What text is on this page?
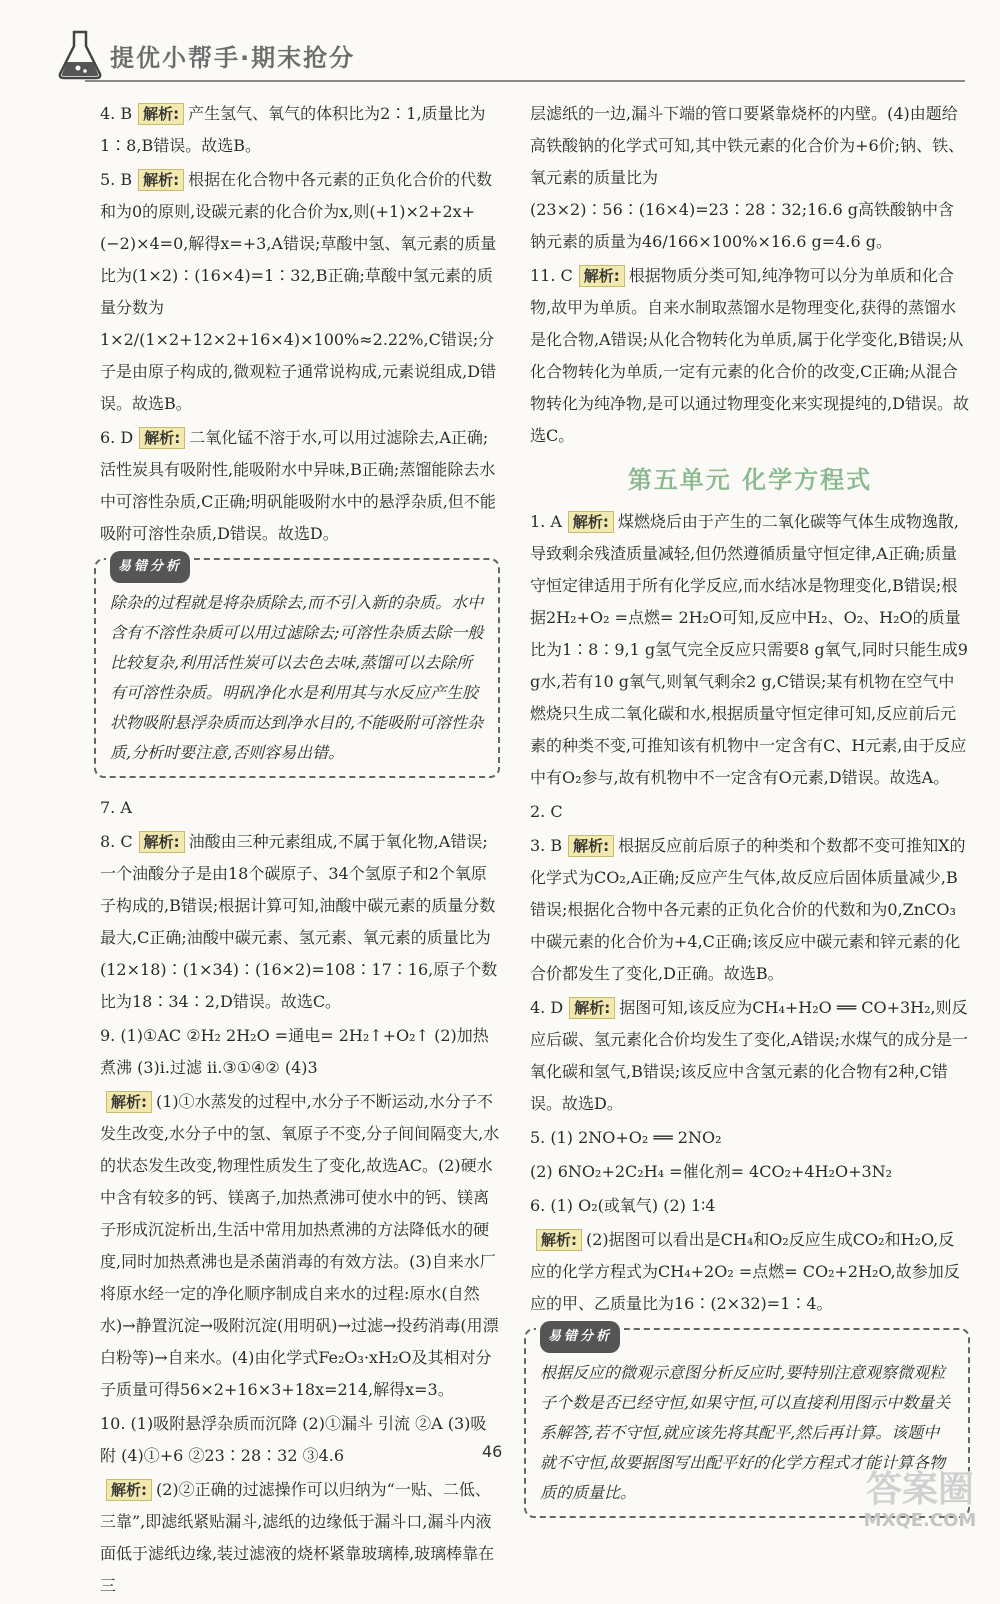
提优小帮手·期末抢分

4. B 解析: 产生氢气、氧气的体积比为2∶1,质量比为1∶8,B错误。故选B。

5. B 解析: 根据在化合物中各元素的正负化合价的代数和为0的原则,设碳元素的化合价为x,则(+1)×2+2x+(−2)×4=0,解得x=+3,A错误;草酸中氢、氧元素的质量比为(1×2)∶(16×4)=1∶32,B正确;草酸中氢元素的质量分数为1×2/(1×2+12×2+16×4)×100%≈2.22%,C错误;分子是由原子构成的,微观粒子通常说构成,元素说组成,D错误。故选B。

6. D 解析: 二氧化锰不溶于水,可以用过滤除去,A正确;活性炭具有吸附性,能吸附水中异味,B正确;蒸馏能除去水中可溶性杂质,C正确;明矾能吸附水中的悬浮杂质,但不能吸附可溶性杂质,D错误。故选D。

易错分析
除杂的过程就是将杂质除去,而不引入新的杂质。水中含有不溶性杂质可以用过滤除去;可溶性杂质去除一般比较复杂,利用活性炭可以去色去味,蒸馏可以去除所有可溶性杂质。明矾净化水是利用其与水反应产生胶状物吸附悬浮杂质而达到净水目的,不能吸附可溶性杂质,分析时要注意,否则容易出错。

7. A

8. C 解析: 油酸由三种元素组成,不属于氧化物,A错误;一个油酸分子是由18个碳原子、34个氢原子和2个氧原子构成的,B错误;根据计算可知,油酸中碳元素的质量分数最大,C正确;油酸中碳元素、氢元素、氧元素的质量比为(12×18)∶(1×34)∶(16×2)=108∶17∶16,原子个数比为18∶34∶2,D错误。故选C。

9. (1)①AC ②H₂ 2H₂O =通电= 2H₂↑+O₂↑ (2)加热煮沸 (3)ⅰ.过滤 ⅱ.③①④② (4)3

解析: (1)①水蒸发的过程中,水分子不断运动,水分子不发生改变,水分子中的氢、氧原子不变,分子间间隔变大,水的状态发生改变,物理性质发生了变化,故选AC。(2)硬水中含有较多的钙、镁离子,加热煮沸可使水中的钙、镁离子形成沉淀析出,生活中常用加热煮沸的方法降低水的硬度,同时加热煮沸也是杀菌消毒的有效方法。(3)自来水厂将原水经一定的净化顺序制成自来水的过程:原水(自然水)→静置沉淀→吸附沉淀(用明矾)→过滤→投药消毒(用漂白粉等)→自来水。(4)由化学式Fe₂O₃·xH₂O及其相对分子质量可得56×2+16×3+18x=214,解得x=3。

10. (1)吸附悬浮杂质而沉降 (2)①漏斗 引流 ②A (3)吸附 (4)①+6 ②23∶28∶32 ③4.6

解析: (2)②正确的过滤操作可以归纳为“一贴、二低、三靠”,即滤纸紧贴漏斗,滤纸的边缘低于漏斗口,漏斗内液面低于滤纸边缘,装过滤液的烧杯紧靠玻璃棒,玻璃棒靠在三

层滤纸的一边,漏斗下端的管口要紧靠烧杯的内壁。(4)由题给高铁酸钠的化学式可知,其中铁元素的化合价为+6价;钠、铁、氧元素的质量比为(23×2)∶56∶(16×4)=23∶28∶32;16.6 g高铁酸钠中含钠元素的质量为46/166×100%×16.6 g=4.6 g。

11. C 解析: 根据物质分类可知,纯净物可以分为单质和化合物,故甲为单质。自来水制取蒸馏水是物理变化,获得的蒸馏水是化合物,A错误;从化合物转化为单质,属于化学变化,B错误;从化合物转化为单质,一定有元素的化合价的改变,C正确;从混合物转化为纯净物,是可以通过物理变化来实现提纯的,D错误。故选C。

第五单元 化学方程式

1. A 解析: 煤燃烧后由于产生的二氧化碳等气体生成物逸散,导致剩余残渣质量减轻,但仍然遵循质量守恒定律,A正确;质量守恒定律适用于所有化学反应,而水结冰是物理变化,B错误;根据2H₂+O₂ =点燃= 2H₂O可知,反应中H₂、O₂、H₂O的质量比为1∶8∶9,1 g氢气完全反应只需要8 g氧气,同时只能生成9 g水,若有10 g氧气,则氧气剩余2 g,C错误;某有机物在空气中燃烧只生成二氧化碳和水,根据质量守恒定律可知,反应前后元素的种类不变,可推知该有机物中一定含有C、H元素,由于反应中有O₂参与,故有机物中不一定含有O元素,D错误。故选A。

2. C

3. B 解析: 根据反应前后原子的种类和个数都不变可推知X的化学式为CO₂,A正确;反应产生气体,故反应后固体质量减少,B错误;根据化合物中各元素的正负化合价的代数和为0,ZnCO₃中碳元素的化合价为+4,C正确;该反应中碳元素和锌元素的化合价都发生了变化,D正确。故选B。

4. D 解析: 据图可知,该反应为CH₄+H₂O ══ CO+3H₂,则反应后碳、氢元素化合价均发生了变化,A错误;水煤气的成分是一氧化碳和氢气,B错误;该反应中含氢元素的化合物有2种,C错误。故选D。

5. (1) 2NO+O₂ ══ 2NO₂

(2) 6NO₂+2C₂H₄ =催化剂= 4CO₂+4H₂O+3N₂

6. (1) O₂(或氧气) (2) 1∶4

解析: (2)据图可以看出是CH₄和O₂反应生成CO₂和H₂O,反应的化学方程式为CH₄+2O₂ =点燃= CO₂+2H₂O,故参加反应的甲、乙质量比为16∶(2×32)=1∶4。

易错分析
根据反应的微观示意图分析反应时,要特别注意观察微观粒子个数是否已经守恒,如果守恒,可以直接利用图示中数量关系解答,若不守恒,就应该先将其配平,然后再计算。该题中就不守恒,故要据图写出配平好的化学方程式才能计算各物质的质量比。
46
答案圈
MXQE.COM
